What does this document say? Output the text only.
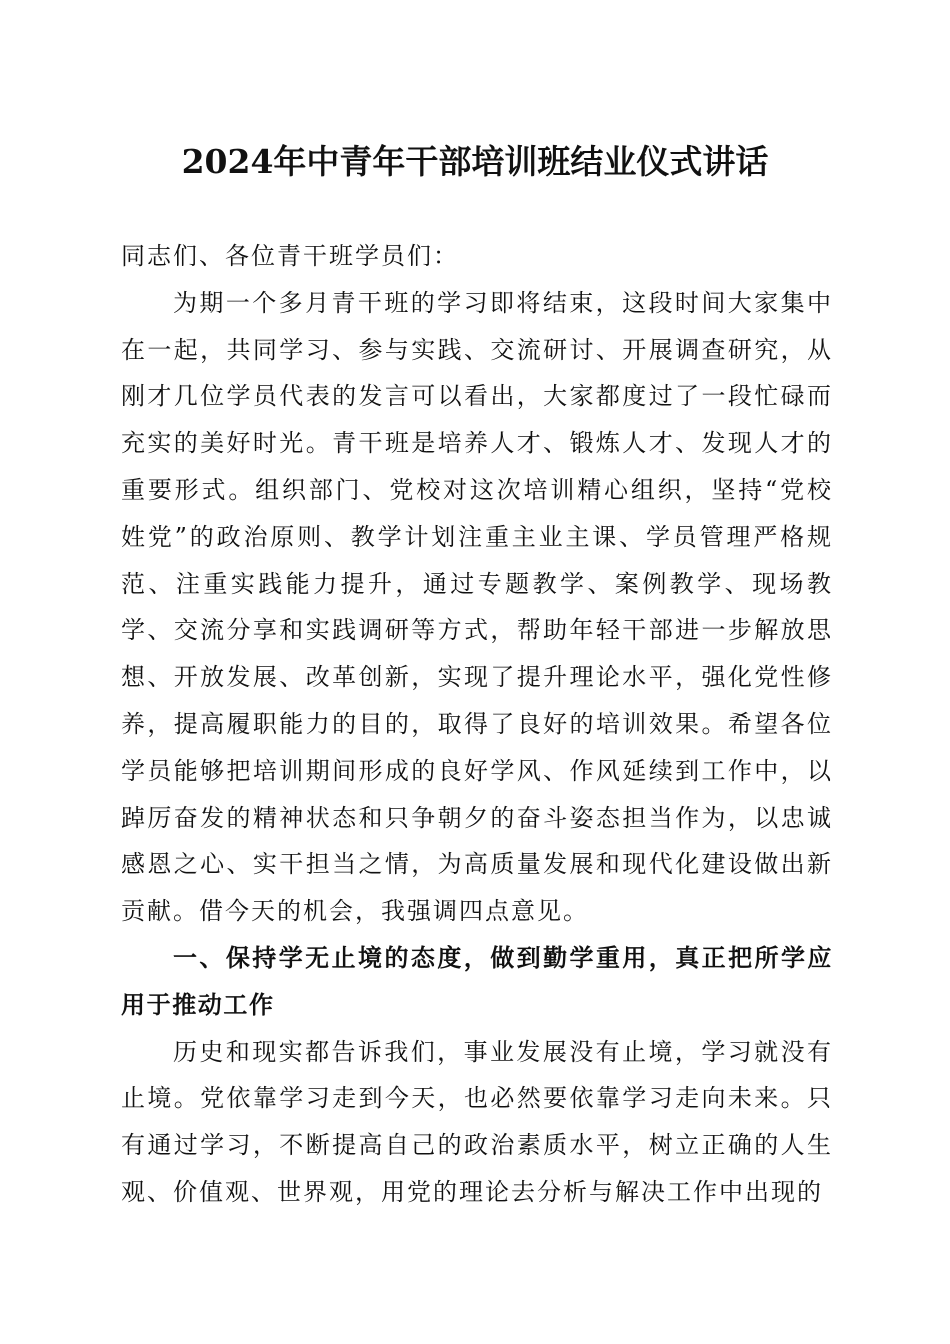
2024年中青年干部培训班结业仪式讲话

同志们、各位青干班学员们：

为期一个多月青干班的学习即将结束，这段时间大家集中在一起，共同学习、参与实践、交流研讨、开展调查研究，从刚才几位学员代表的发言可以看出，大家都度过了一段忙碌而充实的美好时光。青干班是培养人才、锻炼人才、发现人才的重要形式。组织部门、党校对这次培训精心组织，坚持“党校姓党”的政治原则、教学计划注重主业主课、学员管理严格规范、注重实践能力提升，通过专题教学、案例教学、现场教学、交流分享和实践调研等方式，帮助年轻干部进一步解放思想、开放发展、改革创新，实现了提升理论水平，强化党性修养，提高履职能力的目的，取得了良好的培训效果。希望各位学员能够把培训期间形成的良好学风、作风延续到工作中，以踔厉奋发的精神状态和只争朝夕的奋斗姿态担当作为，以忠诚感恩之心、实干担当之情，为高质量发展和现代化建设做出新贡献。借今天的机会，我强调四点意见。

一、保持学无止境的态度，做到勤学重用，真正把所学应用于推动工作

历史和现实都告诉我们，事业发展没有止境，学习就没有止境。党依靠学习走到今天，也必然要依靠学习走向未来。只有通过学习，不断提高自己的政治素质水平，树立正确的人生观、价值观、世界观，用党的理论去分析与解决工作中出现的
